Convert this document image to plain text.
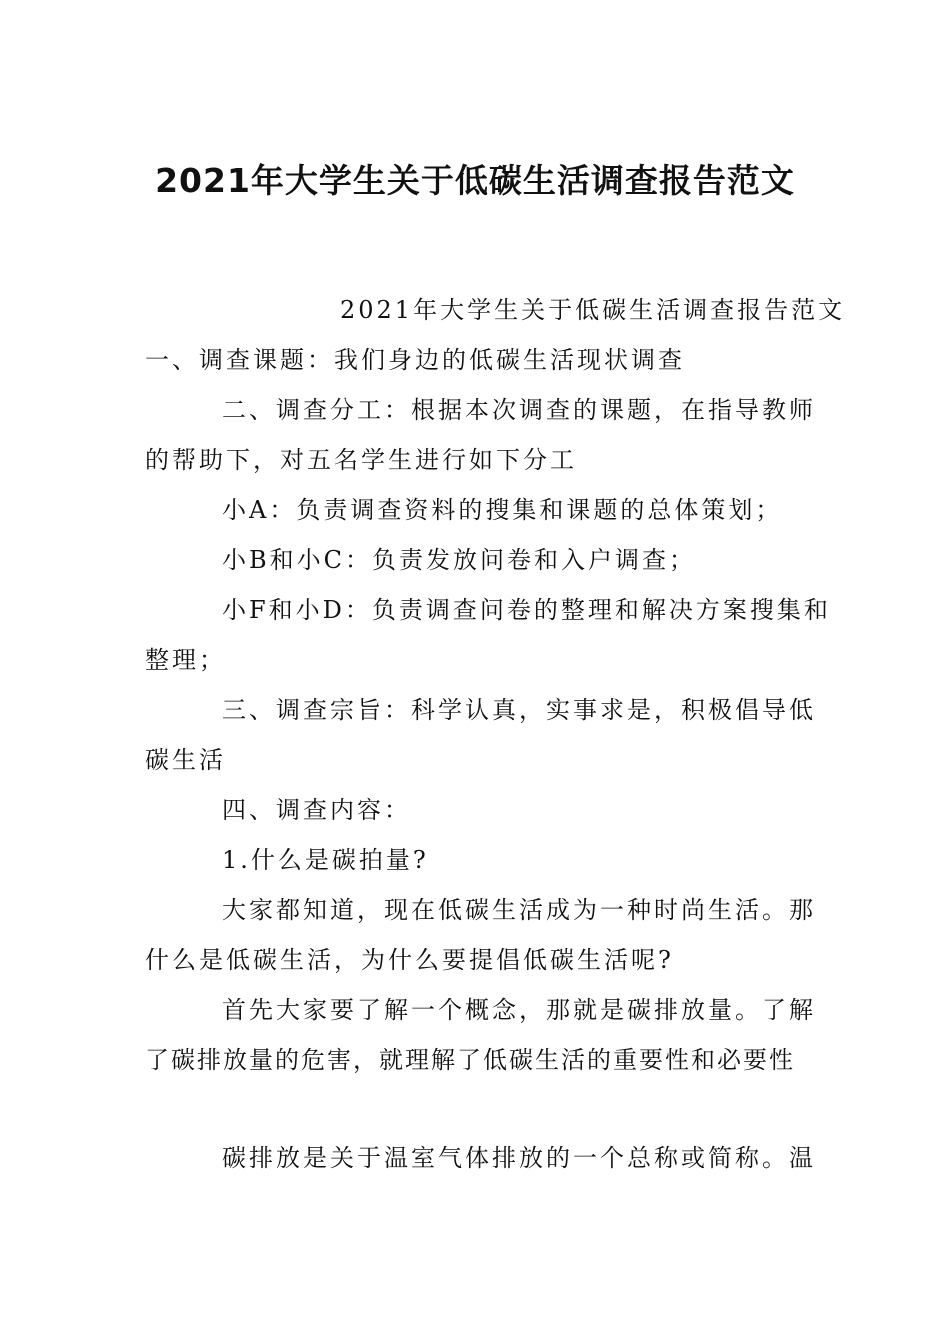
2021年大学生关于低碳生活调查报告范文

2021年大学生关于低碳生活调查报告范文

一、调查课题：我们身边的低碳生活现状调查

二、调查分工：根据本次调查的课题，在指导教师

的帮助下，对五名学生进行如下分工

小A：负责调查资料的搜集和课题的总体策划；

小B和小C：负责发放问卷和入户调查；

小F和小D：负责调查问卷的整理和解决方案搜集和

整理；

三、调查宗旨：科学认真，实事求是，积极倡导低

碳生活

四、调查内容：

1.什么是碳拍量?

大家都知道，现在低碳生活成为一种时尚生活。那

什么是低碳生活，为什么要提倡低碳生活呢?

首先大家要了解一个概念，那就是碳排放量。了解

了碳排放量的危害，就理解了低碳生活的重要性和必要性

碳排放是关于温室气体排放的一个总称或简称。温
